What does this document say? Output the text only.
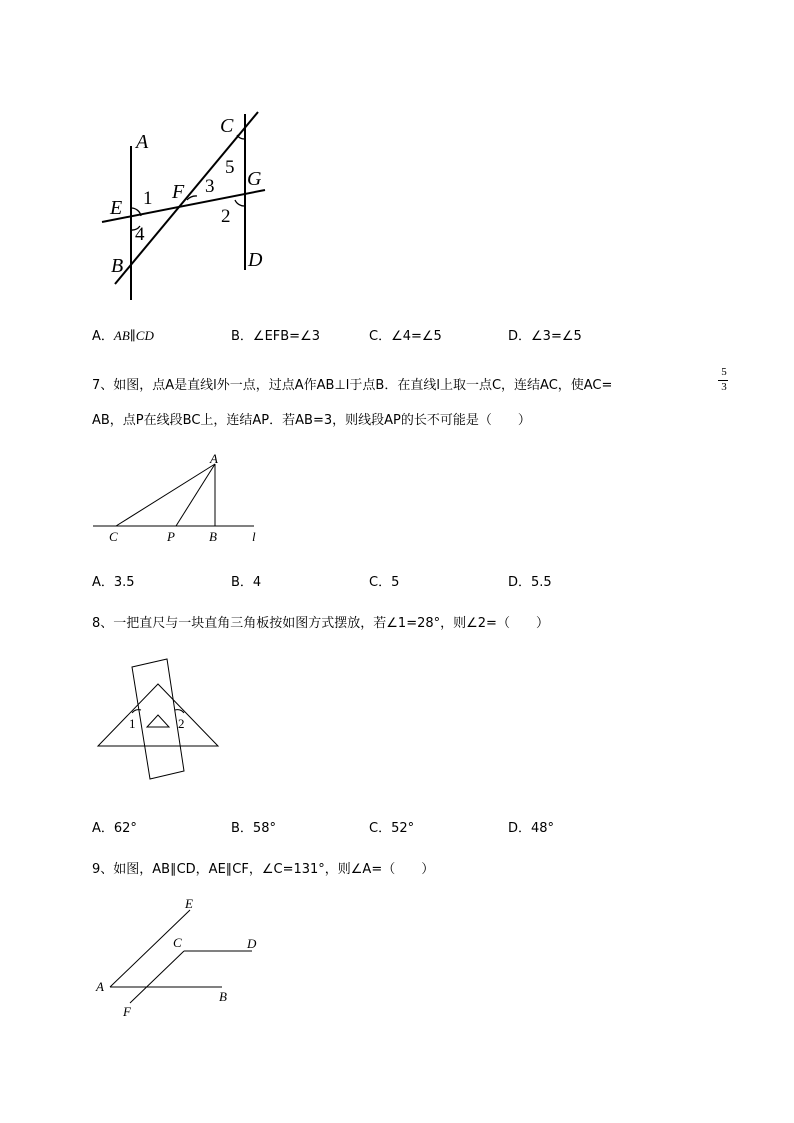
A
C
E
F
G
B	D
1
2
3
4
5
A．AB∥CD	B．∠EFB=∠3	C．∠4=∠5	D．∠3=∠5
7、如图，点A是直线l外一点，过点A作AB⊥l于点B．在直线l上取一点C，连结AC，使AC=
5
3
AB，点P在线段BC上，连结AP．若AB=3，则线段AP的长不可能是（　　）
A
C	P	B	l
A．3.5	B．4	C．5	D．5.5
8、一把直尺与一块直角三角板按如图方式摆放，若∠1=28°，则∠2=（　　）
1	2
A．62°	B．58°	C．52°	D．48°
9、如图，AB∥CD，AE∥CF，∠C=131°，则∠A=（　　）
E
C	D
A
B
F
